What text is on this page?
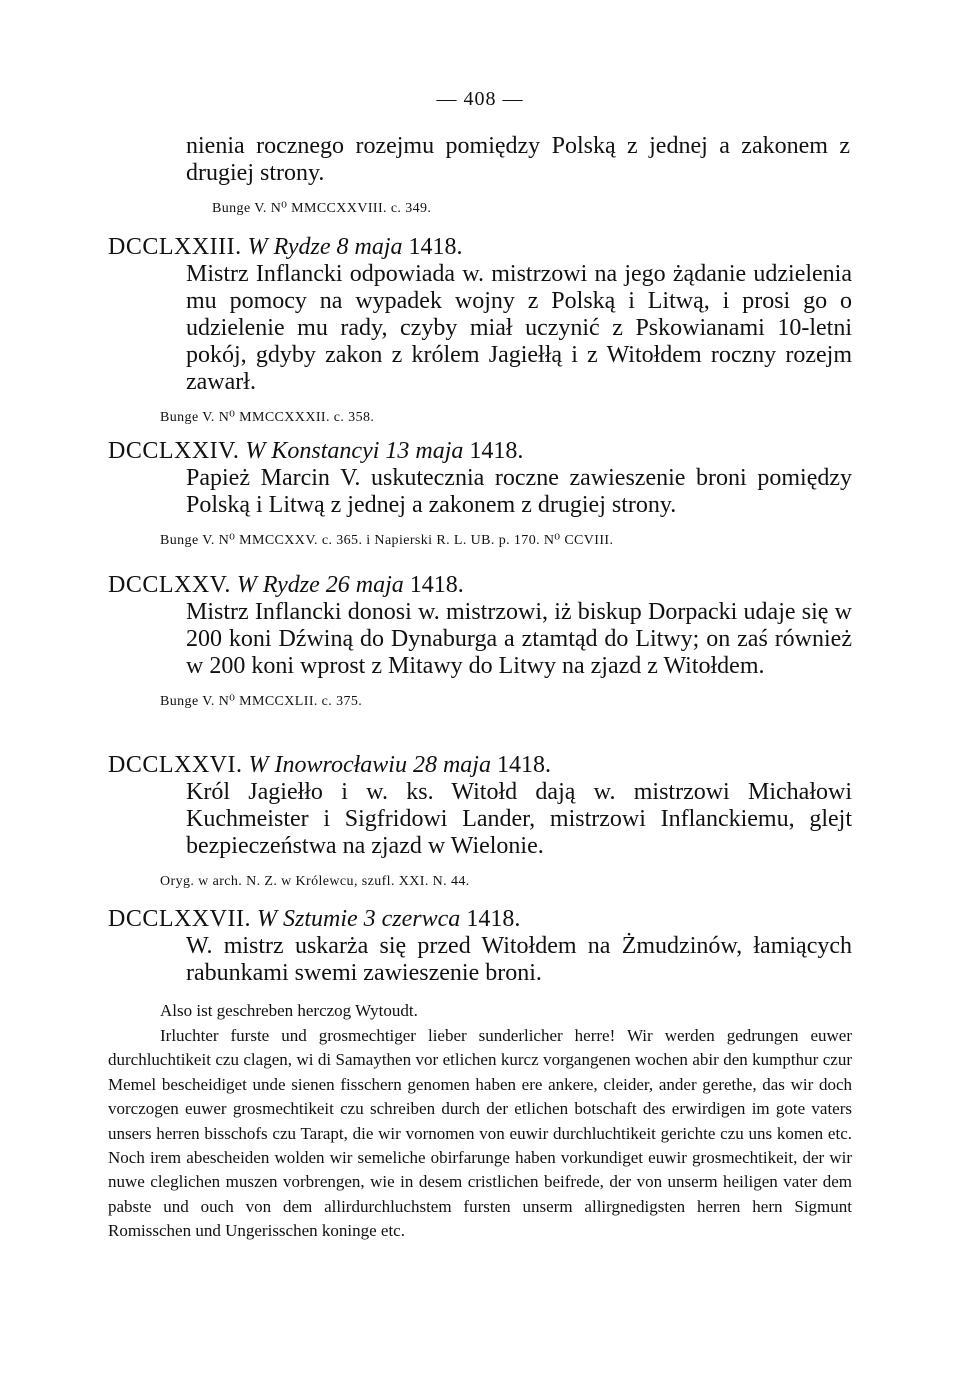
— 408 —
nienia rocznego rozejmu pomiędzy Polską z jednej a zakonem z drugiej strony.
Bunge V. N⁰ MMCCXXVIII. c. 349.
DCCLXXIII. W Rydze 8 maja 1418.
Mistrz Inflancki odpowiada w. mistrzowi na jego żądanie udzielenia mu pomocy na wypadek wojny z Polską i Litwą, i prosi go o udzielenie mu rady, czyby miał uczynić z Pskowianami 10-letni pokój, gdyby zakon z królem Jagiełłą i z Witołdem roczny rozejm zawarł.
Bunge V. N⁰ MMCCXXXII. c. 358.
DCCLXXIV. W Konstancyi 13 maja 1418.
Papież Marcin V. uskutecznia roczne zawieszenie broni pomiędzy Polską i Litwą z jednej a zakonem z drugiej strony.
Bunge V. N⁰ MMCCXXV. c. 365. i Napierski R. L. UB. p. 170. N⁰ CCVIII.
DCCLXXV. W Rydze 26 maja 1418.
Mistrz Inflancki donosi w. mistrzowi, iż biskup Dorpacki udaje się w 200 koni Dźwiną do Dynaburga a ztamtąd do Litwy; on zaś również w 200 koni wprost z Mitawy do Litwy na zjazd z Witołdem.
Bunge V. N⁰ MMCCXLII. c. 375.
DCCLXXVI. W Inowrocławiu 28 maja 1418.
Król Jagiełło i w. ks. Witołd dają w. mistrzowi Michałowi Kuchmeister i Sigfridowi Lander, mistrzowi Inflanckiemu, glejt bezpieczeństwa na zjazd w Wielonie.
Oryg. w arch. N. Z. w Królewcu, szufl. XXI. N. 44.
DCCLXXVII. W Sztumie 3 czerwca 1418.
W. mistrz uskarża się przed Witołdem na Żmudzinów, łamiących rabunkami swemi zawieszenie broni.
Also ist geschreben herczog Wytoudt.
Irluchter furste und grosmechtiger lieber sunderlicher herre! Wir werden gedrungen euwer durchluchtikeit czu clagen, wi di Samaythen vor etlichen kurcz vorgangenen wochen abir den kumpthur czur Memel bescheidiget unde sienen fisschern genomen haben ere ankere, cleider, ander gerethe, das wir doch vorczogen euwer grosmechtikeit czu schreiben durch der etlichen botschaft des erwirdigen im gote vaters unsers herren bisschofs czu Tarapt, die wir vornomen von euwir durchluchtikeit gerichte czu uns komen etc. Noch irem abescheiden wolden wir semeliche obirfarunge haben vorkundiget euwir grosmechtikeit, der wir nuwe cleglichen muszen vorbrengen, wie in desem cristlichen beifrede, der von unserm heiligen vater dem pabste und ouch von dem allirdurchluchstem fursten unserm allirgnedigsten herren hern Sigmunt Romisschen und Ungerisschen koninge etc.
